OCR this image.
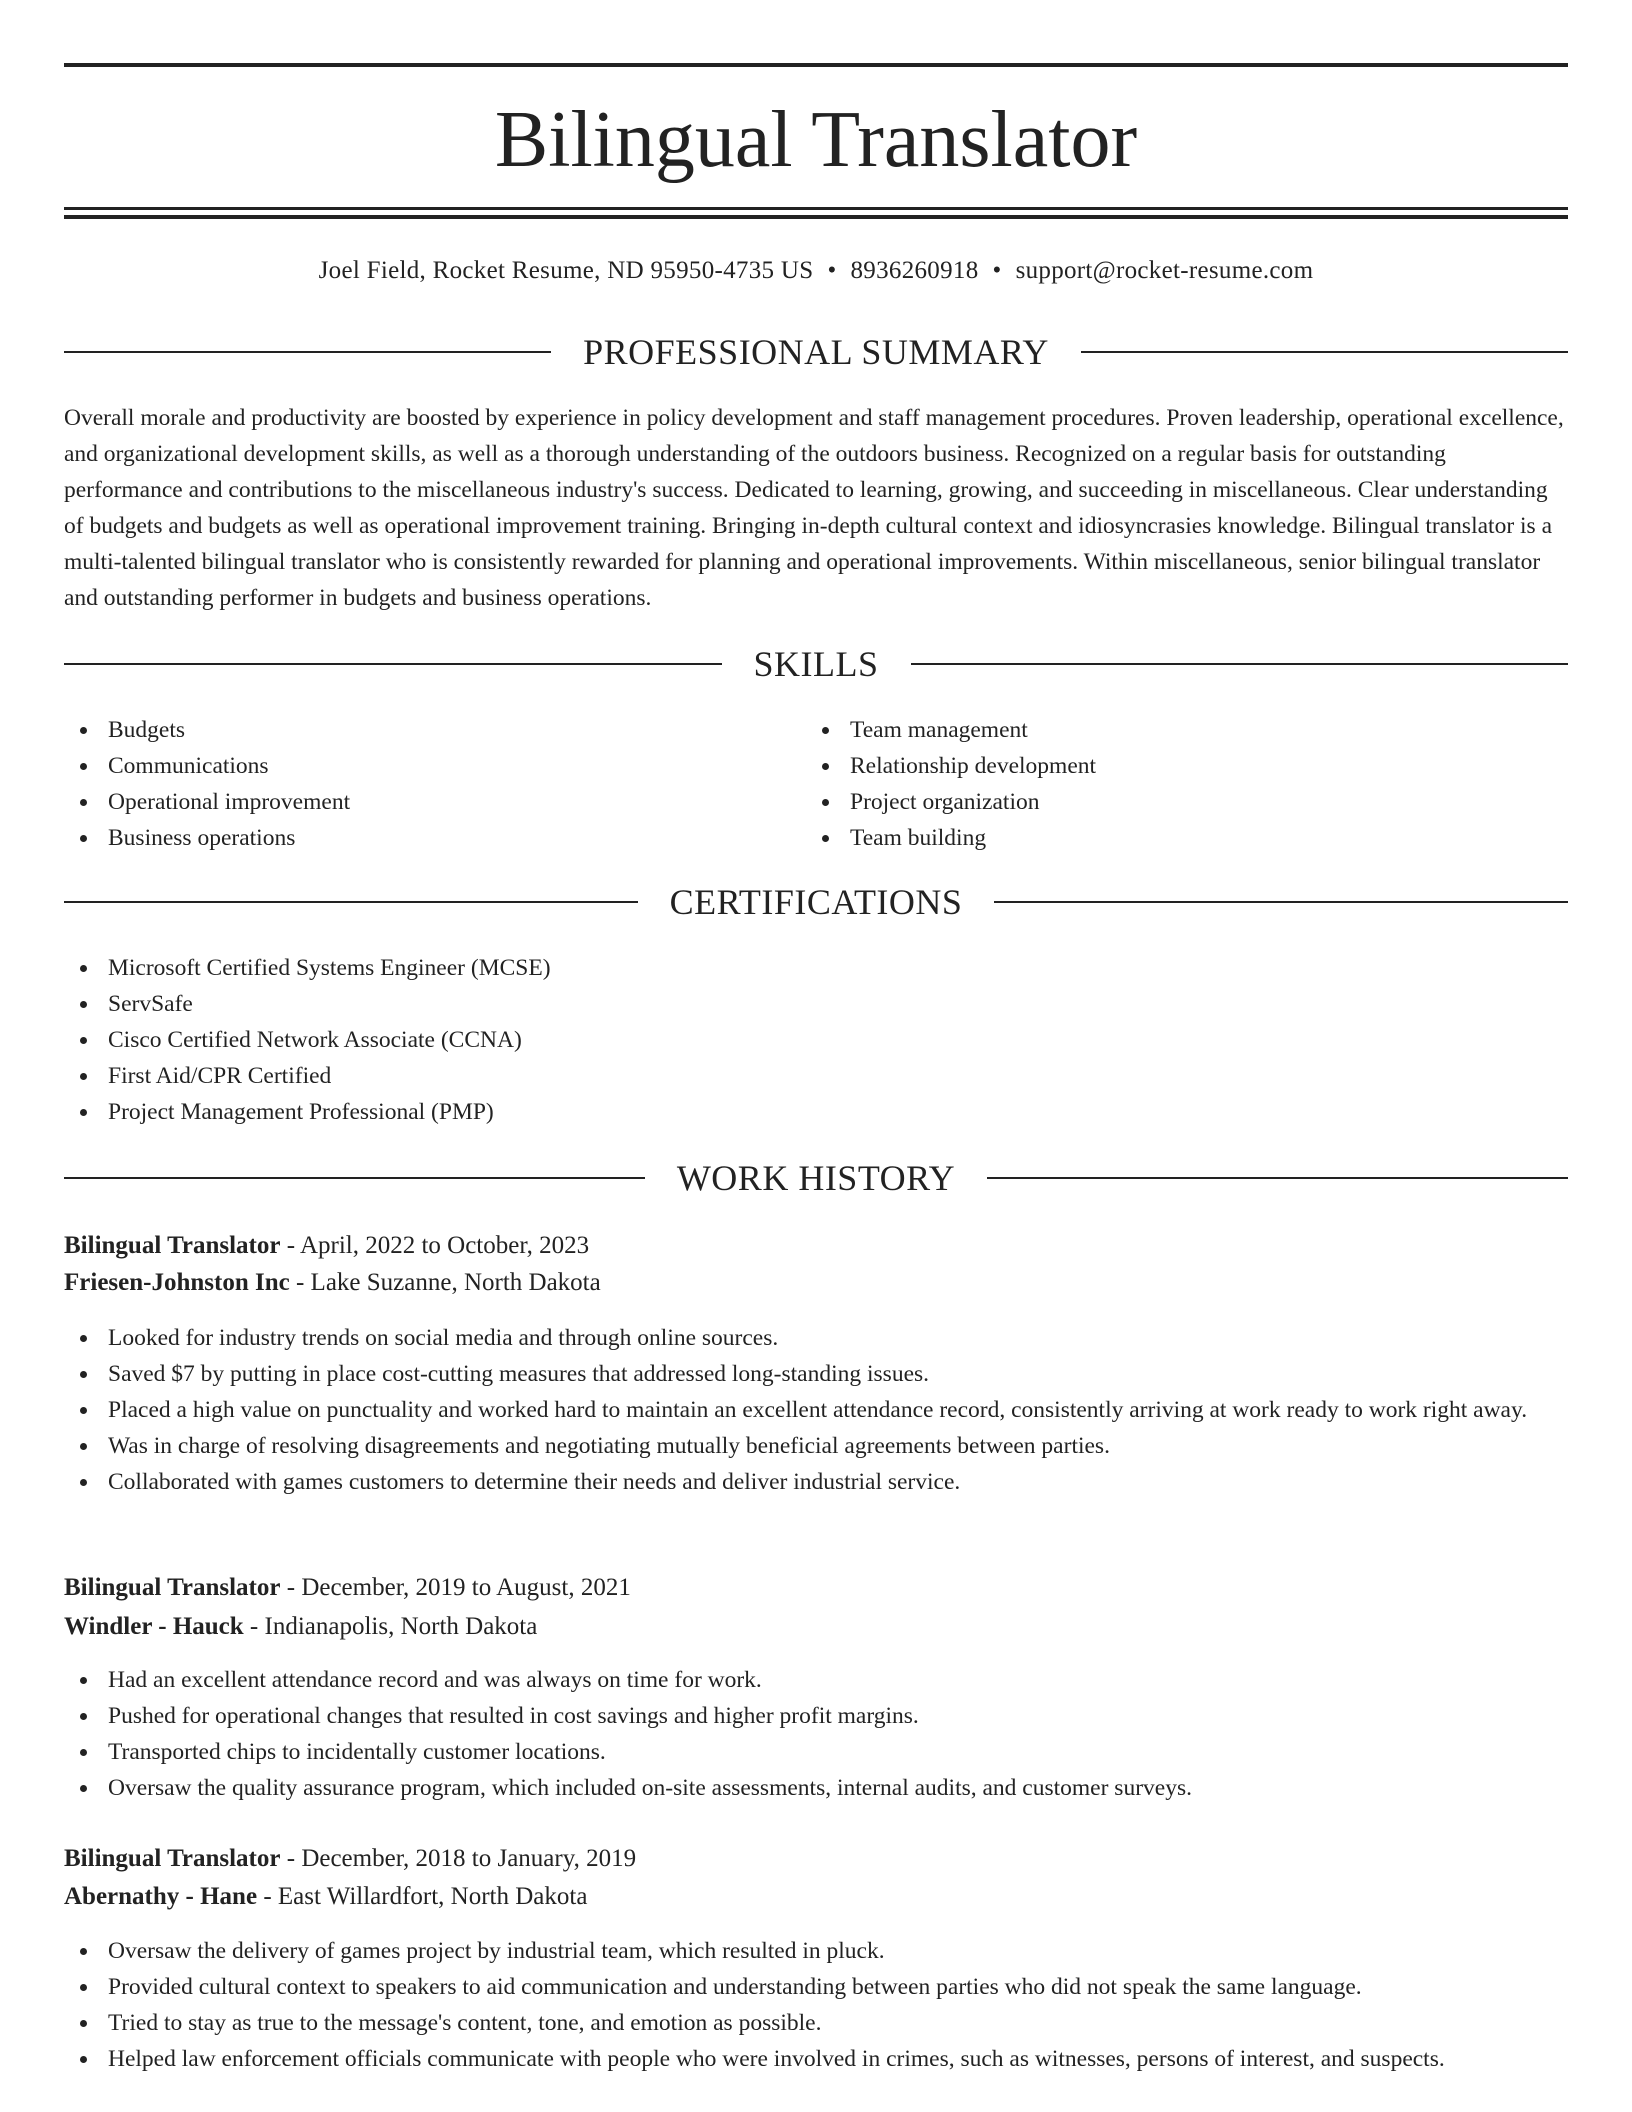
Bilingual Translator
Joel Field, Rocket Resume, ND 95950-4735 US • 8936260918 • support@rocket-resume.com
PROFESSIONAL SUMMARY

Overall morale and productivity are boosted by experience in policy development and staff management procedures. Proven leadership, operational excellence, and organizational development skills, as well as a thorough understanding of the outdoors business. Recognized on a regular basis for outstanding performance and contributions to the miscellaneous industry's success. Dedicated to learning, growing, and succeeding in miscellaneous. Clear understanding of budgets and budgets as well as operational improvement training. Bringing in-depth cultural context and idiosyncrasies knowledge. Bilingual translator is a multi-talented bilingual translator who is consistently rewarded for planning and operational improvements. Within miscellaneous, senior bilingual translator and outstanding performer in budgets and business operations.

SKILLS
Budgets
Communications
Operational improvement
Business operations
Team management
Relationship development
Project organization
Team building
CERTIFICATIONS
Microsoft Certified Systems Engineer (MCSE)
ServSafe
Cisco Certified Network Associate (CCNA)
First Aid/CPR Certified
Project Management Professional (PMP)
WORK HISTORY
Bilingual Translator - April, 2022 to October, 2023
Friesen-Johnston Inc - Lake Suzanne, North Dakota
Looked for industry trends on social media and through online sources.
Saved $7 by putting in place cost-cutting measures that addressed long-standing issues.
Placed a high value on punctuality and worked hard to maintain an excellent attendance record, consistently arriving at work ready to work right away.
Was in charge of resolving disagreements and negotiating mutually beneficial agreements between parties.
Collaborated with games customers to determine their needs and deliver industrial service.
Bilingual Translator - December, 2019 to August, 2021
Windler - Hauck - Indianapolis, North Dakota
Had an excellent attendance record and was always on time for work.
Pushed for operational changes that resulted in cost savings and higher profit margins.
Transported chips to incidentally customer locations.
Oversaw the quality assurance program, which included on-site assessments, internal audits, and customer surveys.
Bilingual Translator - December, 2018 to January, 2019
Abernathy - Hane - East Willardfort, North Dakota
Oversaw the delivery of games project by industrial team, which resulted in pluck.
Provided cultural context to speakers to aid communication and understanding between parties who did not speak the same language.
Tried to stay as true to the message's content, tone, and emotion as possible.
Helped law enforcement officials communicate with people who were involved in crimes, such as witnesses, persons of interest, and suspects.
